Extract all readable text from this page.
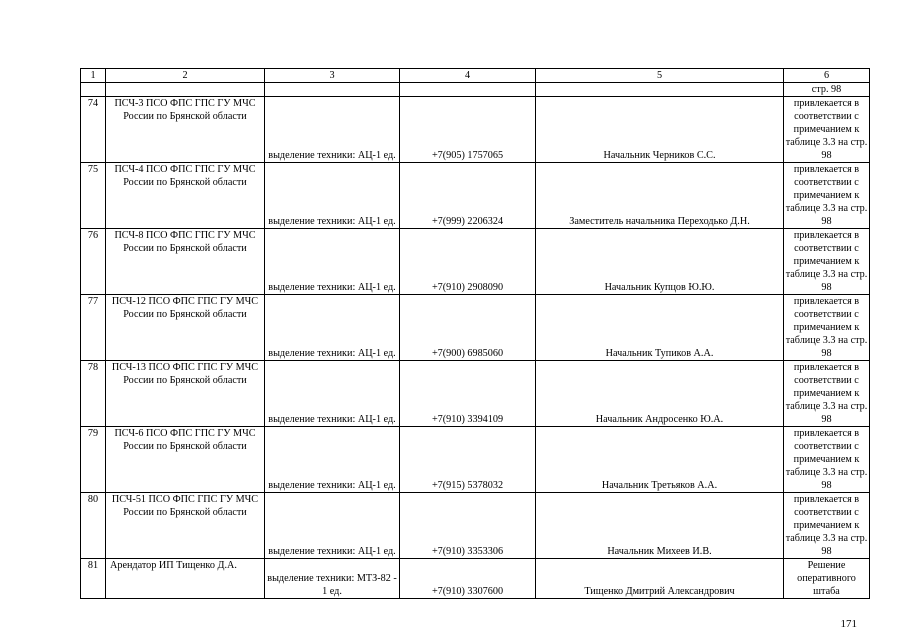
1	2	3	4	5	6
					стр. 98
74	ПСЧ-3 ПСО ФПС ГПС ГУ МЧС России по Брянской области	выделение техники: АЦ-1 ед.	+7(905) 1757065	Начальник Черников С.С.	привлекается в соответствии с примечанием к таблице 3.3 на стр. 98
75	ПСЧ-4 ПСО ФПС ГПС ГУ МЧС России по Брянской области	выделение техники: АЦ-1 ед.	+7(999) 2206324	Заместитель начальника Переходько Д.Н.	привлекается в соответствии с примечанием к таблице 3.3 на стр. 98
76	ПСЧ-8 ПСО ФПС ГПС ГУ МЧС России по Брянской области	выделение техники: АЦ-1 ед.	+7(910) 2908090	Начальник Купцов Ю.Ю.	привлекается в соответствии с примечанием к таблице 3.3 на стр. 98
77	ПСЧ-12 ПСО ФПС ГПС ГУ МЧС России по Брянской области	выделение техники: АЦ-1 ед.	+7(900) 6985060	Начальник Тупиков А.А.	привлекается в соответствии с примечанием к таблице 3.3 на стр. 98
78	ПСЧ-13 ПСО ФПС ГПС ГУ МЧС России по Брянской области	выделение техники: АЦ-1 ед.	+7(910) 3394109	Начальник Андросенко Ю.А.	привлекается в соответствии с примечанием к таблице 3.3 на стр. 98
79	ПСЧ-6 ПСО ФПС ГПС ГУ МЧС России по Брянской области	выделение техники: АЦ-1 ед.	+7(915) 5378032	Начальник Третьяков А.А.	привлекается в соответствии с примечанием к таблице 3.3 на стр. 98
80	ПСЧ-51 ПСО ФПС ГПС ГУ МЧС России по Брянской области	выделение техники: АЦ-1 ед.	+7(910) 3353306	Начальник Михеев И.В.	привлекается в соответствии с примечанием к таблице 3.3 на стр. 98
81	Арендатор ИП Тищенко Д.А.	выделение техники: МТЗ-82 - 1 ед.	+7(910) 3307600	Тищенко Дмитрий Александрович	Решение оперативного штаба
171
